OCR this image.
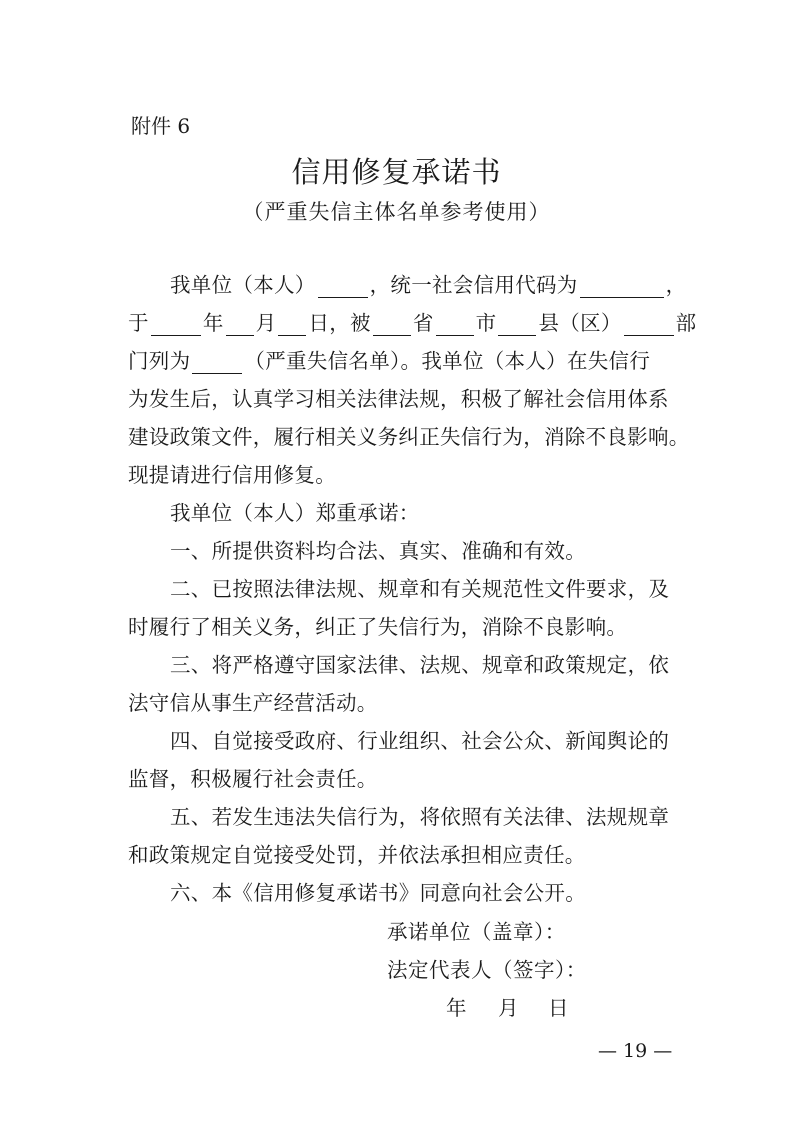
附件 6
信用修复承诺书
（严重失信主体名单参考使用）
我单位（本人）	，统一社会信用代码为	，
于	年 月 日，被 省 市 县（区）	部
门列为	（严重失信名单）。我单位（本人）在失信行
为发生后，认真学习相关法律法规，积极了解社会信用体系
建设政策文件，履行相关义务纠正失信行为，消除不良影响。
现提请进行信用修复。
我单位（本人）郑重承诺：
一、所提供资料均合法、真实、准确和有效。
二、已按照法律法规、规章和有关规范性文件要求，及
时履行了相关义务，纠正了失信行为，消除不良影响。
三、将严格遵守国家法律、法规、规章和政策规定，依
法守信从事生产经营活动。
四、自觉接受政府、行业组织、社会公众、新闻舆论的
监督，积极履行社会责任。
五、若发生违法失信行为，将依照有关法律、法规规章
和政策规定自觉接受处罚，并依法承担相应责任。
六、本《信用修复承诺书》同意向社会公开。
承诺单位（盖章）：
法定代表人（签字）：
年 月 日
— 19 —
